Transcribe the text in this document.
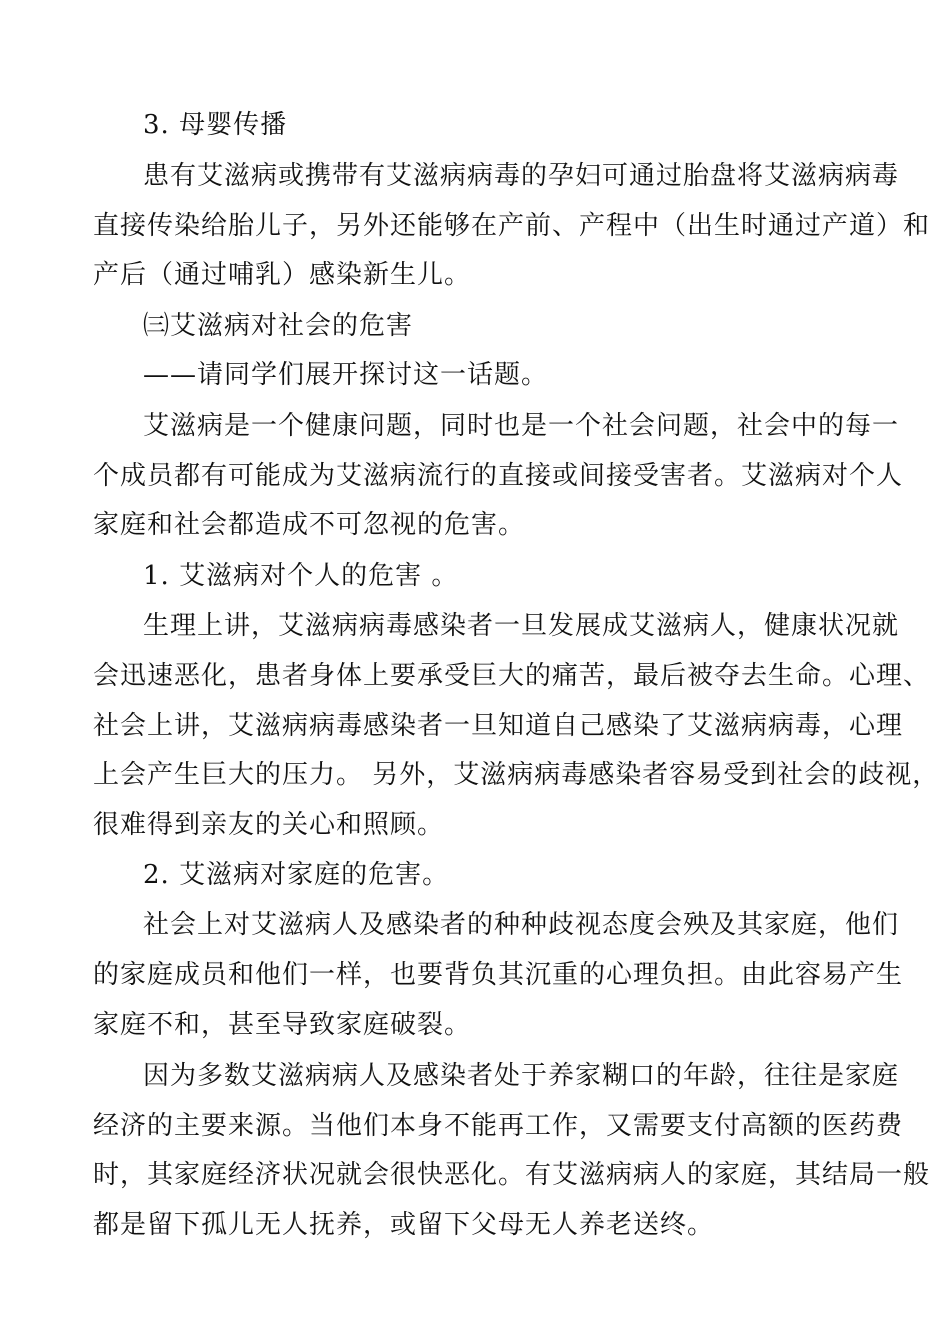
3. 母婴传播
患有艾滋病或携带有艾滋病病毒的孕妇可通过胎盘将艾滋病病毒
直接传染给胎儿子，另外还能够在产前、产程中（出生时通过产道）和
产后（通过哺乳）感染新生儿。
㈢艾滋病对社会的危害
——请同学们展开探讨这一话题。
艾滋病是一个健康问题，同时也是一个社会问题，社会中的每一
个成员都有可能成为艾滋病流行的直接或间接受害者。艾滋病对个人
家庭和社会都造成不可忽视的危害。
1. 艾滋病对个人的危害 。
生理上讲，艾滋病病毒感染者一旦发展成艾滋病人，健康状况就
会迅速恶化，患者身体上要承受巨大的痛苦，最后被夺去生命。心理、
社会上讲，艾滋病病毒感染者一旦知道自己感染了艾滋病病毒，心理
上会产生巨大的压力。 另外，艾滋病病毒感染者容易受到社会的歧视，
很难得到亲友的关心和照顾。
2. 艾滋病对家庭的危害。
社会上对艾滋病人及感染者的种种歧视态度会殃及其家庭，他们
的家庭成员和他们一样，也要背负其沉重的心理负担。由此容易产生
家庭不和，甚至导致家庭破裂。
因为多数艾滋病病人及感染者处于养家糊口的年龄，往往是家庭
经济的主要来源。当他们本身不能再工作，又需要支付高额的医药费
时，其家庭经济状况就会很快恶化。有艾滋病病人的家庭，其结局一般
都是留下孤儿无人抚养，或留下父母无人养老送终。
